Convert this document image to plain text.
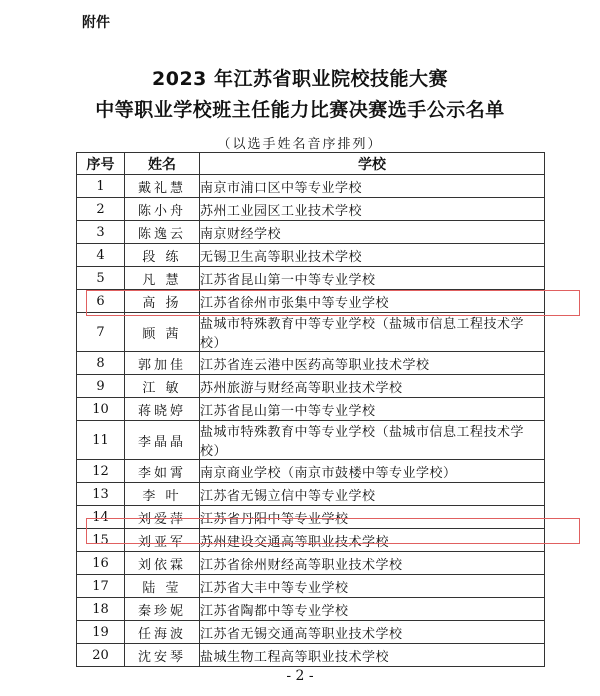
附件
2023 年江苏省职业院校技能大赛
中等职业学校班主任能力比赛决赛选手公示名单
（以选手姓名音序排列）
序号	姓名	学校
1	戴礼慧	南京市浦口区中等专业学校
2	陈小舟	苏州工业园区工业技术学校
3	陈逸云	南京财经学校
4	段 练	无锡卫生高等职业技术学校
5	凡 慧	江苏省昆山第一中等专业学校
6	高 扬	江苏省徐州市张集中等专业学校
7	顾 茜	盐城市特殊教育中等专业学校（盐城市信息工程技术学校）
8	郭加佳	江苏省连云港中医药高等职业技术学校
9	江 敏	苏州旅游与财经高等职业技术学校
10	蒋晓婷	江苏省昆山第一中等专业学校
11	李晶晶	盐城市特殊教育中等专业学校（盐城市信息工程技术学校）
12	李如霄	南京商业学校（南京市鼓楼中等专业学校）
13	李 叶	江苏省无锡立信中等专业学校
14	刘爱萍	江苏省丹阳中等专业学校
15	刘亚军	苏州建设交通高等职业技术学校
16	刘依霖	江苏省徐州财经高等职业技术学校
17	陆 莹	江苏省大丰中等专业学校
18	秦珍妮	江苏省陶都中等专业学校
19	任海波	江苏省无锡交通高等职业技术学校
20	沈安琴	盐城生物工程高等职业技术学校
- 2 -
